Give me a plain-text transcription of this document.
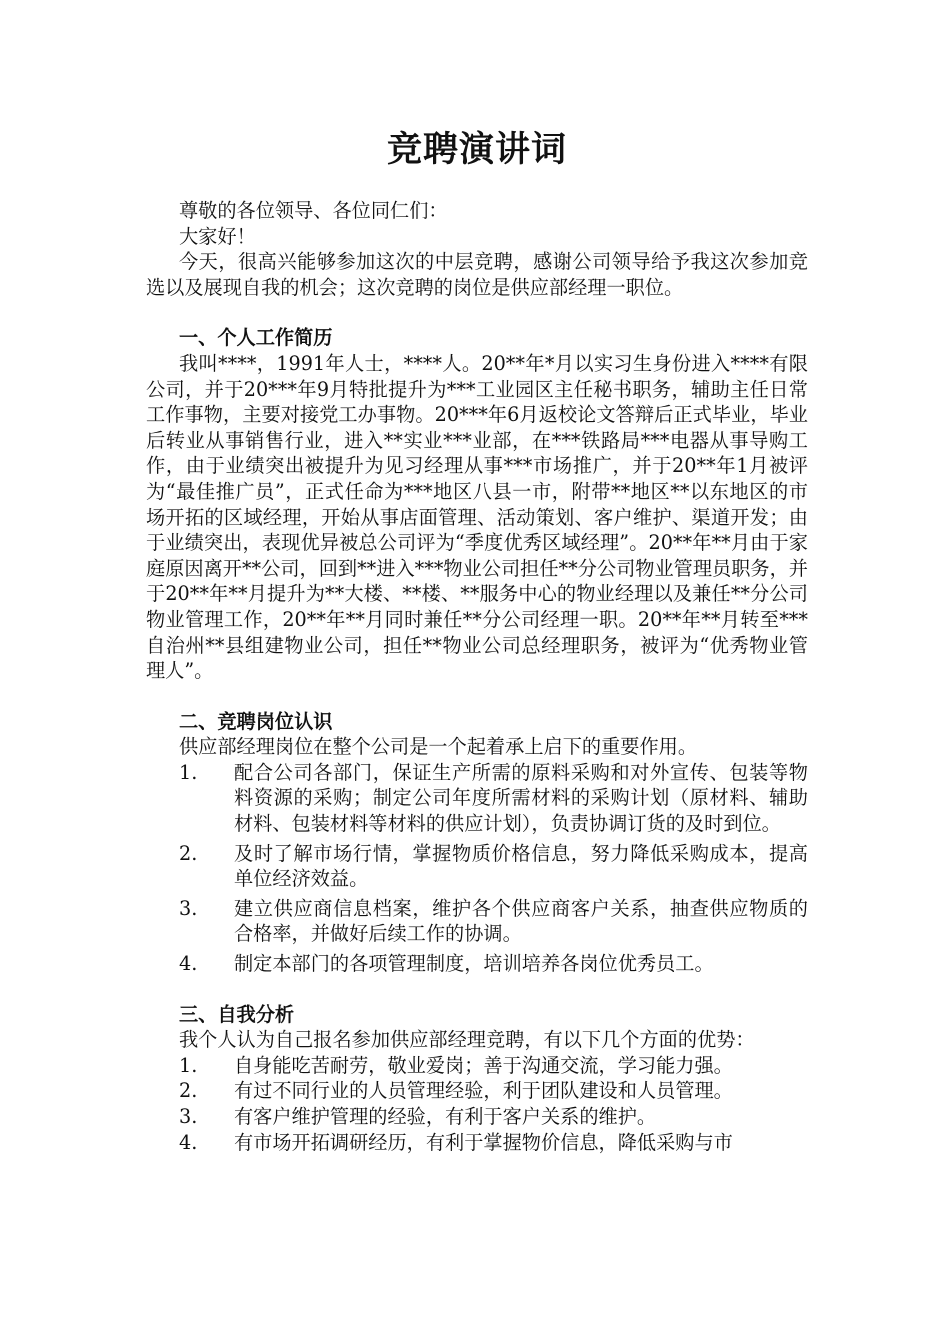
竞聘演讲词

尊敬的各位领导、各位同仁们：

大家好！

今天，很高兴能够参加这次的中层竞聘，感谢公司领导给予我这次参加竞选以及展现自我的机会；这次竞聘的岗位是供应部经理一职位。

一、个人工作简历

我叫****，1991年人士，****人。20**年*月以实习生身份进入****有限公司，并于20***年9月特批提升为***工业园区主任秘书职务，辅助主任日常工作事物，主要对接党工办事物。20***年6月返校论文答辩后正式毕业，毕业后转业从事销售行业，进入**实业***业部，在***铁路局***电器从事导购工作，由于业绩突出被提升为见习经理从事***市场推广，并于20**年1月被评为“最佳推广员”，正式任命为***地区八县一市，附带**地区**以东地区的市场开拓的区域经理，开始从事店面管理、活动策划、客户维护、渠道开发；由于业绩突出，表现优异被总公司评为“季度优秀区域经理”。20**年**月由于家庭原因离开**公司，回到**进入***物业公司担任**分公司物业管理员职务，并于20**年**月提升为**大楼、**楼、**服务中心的物业经理以及兼任**分公司物业管理工作，20**年**月同时兼任**分公司经理一职。20**年**月转至***自治州**县组建物业公司，担任**物业公司总经理职务，被评为“优秀物业管理人”。

二、竞聘岗位认识

供应部经理岗位在整个公司是一个起着承上启下的重要作用。

1. 配合公司各部门，保证生产所需的原料采购和对外宣传、包装等物料资源的采购；制定公司年度所需材料的采购计划（原材料、辅助材料、包装材料等材料的供应计划），负责协调订货的及时到位。
2. 及时了解市场行情，掌握物质价格信息，努力降低采购成本，提高单位经济效益。
3. 建立供应商信息档案，维护各个供应商客户关系，抽查供应物质的合格率，并做好后续工作的协调。
4. 制定本部门的各项管理制度，培训培养各岗位优秀员工。

三、自我分析

我个人认为自己报名参加供应部经理竞聘，有以下几个方面的优势：

1. 自身能吃苦耐劳，敬业爱岗；善于沟通交流，学习能力强。
2. 有过不同行业的人员管理经验，利于团队建设和人员管理。
3. 有客户维护管理的经验，有利于客户关系的维护。
4. 有市场开拓调研经历，有利于掌握物价信息，降低采购与市
